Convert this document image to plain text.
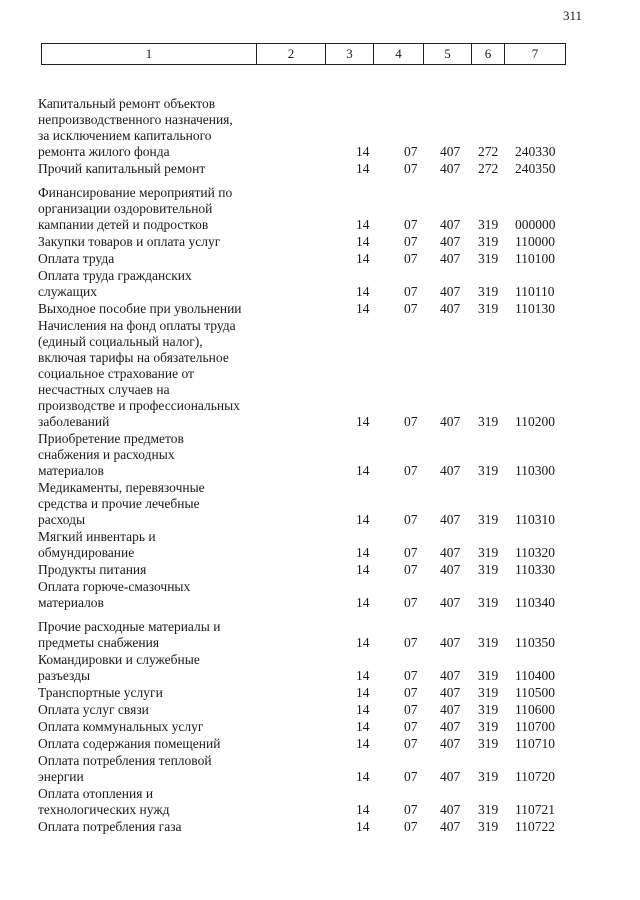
311
1	2	3	4	5	6	7
Капитальный ремонт объектов
непроизводственного назначения,
за исключением капитального
ремонта жилого фонда	14	07 407 272 240330
Прочий капитальный ремонт	14	07 407 272 240350
Финансирование мероприятий по
организации оздоровительной
кампании детей и подростков	14	07 407 319 000000
Закупки товаров и оплата услуг	14	07 407 319 110000
Оплата труда	14	07 407 319 110100
Оплата труда гражданских
служащих	14	07 407 319 110110
Выходное пособие при увольнении	14	07 407 319 110130
Начисления на фонд оплаты труда
(единый социальный налог),
включая тарифы на обязательное
социальное страхование от
несчастных случаев на
производстве и профессиональных
заболеваний	14	07 407 319 110200
Приобретение предметов
снабжения и расходных
материалов	14	07 407 319 110300
Медикаменты, перевязочные
средства и прочие лечебные
расходы	14	07 407 319 110310
Мягкий инвентарь и
обмундирование	14	07 407 319 110320
Продукты питания	14	07 407 319 110330
Оплата горюче-смазочных
материалов	14	07 407 319 110340
Прочие расходные материалы и
предметы снабжения	14	07 407 319 110350
Командировки и служебные
разъезды	14	07 407 319 110400
Транспортные услуги	14	07 407 319 110500
Оплата услуг связи	14	07 407 319 110600
Оплата коммунальных услуг	14	07 407 319 110700
Оплата содержания помещений	14	07 407 319 110710
Оплата потребления тепловой
энергии	14	07 407 319 110720
Оплата отопления и
технологических нужд	14	07 407 319 110721
Оплата потребления газа	14	07 407 319 110722
